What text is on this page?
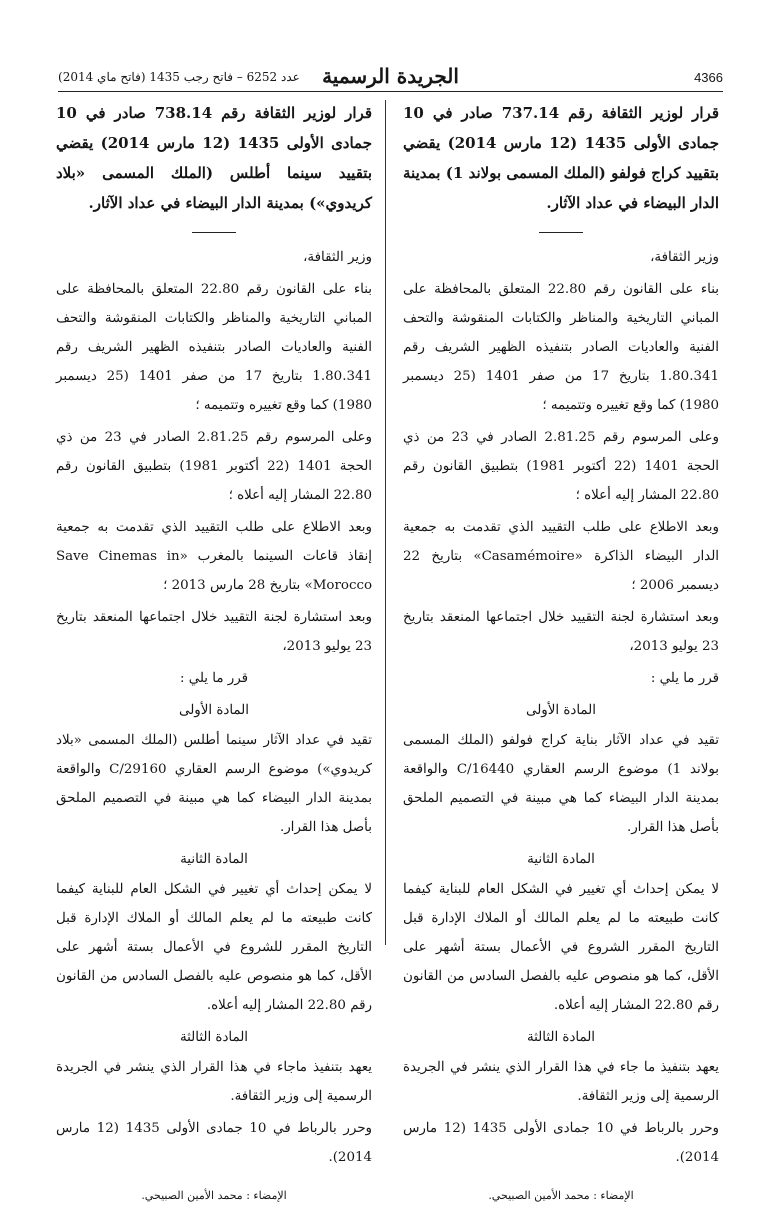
4366
الجريدة الرسمية
عدد 6252 – فاتح رجب 1435 (فاتح ماي 2014)

قرار لوزير الثقافة رقم 737.14 صادر في 10 جمادى الأولى 1435 (12 مارس 2014) يقضي بتقييد كراج فولفو (الملك المسمى بولاند 1) بمدينة الدار البيضاء في عداد الآثار.

وزير الثقافة،

بناء على القانون رقم 22.80 المتعلق بالمحافظة على المباني التاريخية والمناظر والكتابات المنقوشة والتحف الفنية والعاديات الصادر بتنفيذه الظهير الشريف رقم 1.80.341 بتاريخ 17 من صفر 1401 (25 ديسمبر 1980) كما وقع تغييره وتتميمه ؛

وعلى المرسوم رقم 2.81.25 الصادر في 23 من ذي الحجة 1401 (22 أكتوبر 1981) بتطبيق القانون رقم 22.80 المشار إليه أعلاه ؛

وبعد الاطلاع على طلب التقييد الذي تقدمت به جمعية الدار البيضاء الذاكرة «Casamémoire» بتاريخ 22 ديسمبر 2006 ؛

وبعد استشارة لجنة التقييد خلال اجتماعها المنعقد بتاريخ 23 يوليو 2013،

قرر ما يلي :

المادة الأولى

تقيد في عداد الآثار بناية كراج فولفو (الملك المسمى بولاند 1) موضوع الرسم العقاري C/16440 والواقعة بمدينة الدار البيضاء كما هي مبينة في التصميم الملحق بأصل هذا القرار.

المادة الثانية

لا يمكن إحداث أي تغيير في الشكل العام للبناية كيفما كانت طبيعته ما لم يعلم المالك أو الملاك الإدارة قبل التاريخ المقرر الشروع في الأعمال بستة أشهر على الأقل، كما هو منصوص عليه بالفصل السادس من القانون رقم 22.80 المشار إليه أعلاه.

المادة الثالثة

يعهد بتنفيذ ما جاء في هذا القرار الذي ينشر في الجريدة الرسمية إلى وزير الثقافة.

وحرر بالرباط في 10 جمادى الأولى 1435 (12 مارس 2014).

الإمضاء : محمد الأمين الصبيحي.

قرار لوزير الثقافة رقم 738.14 صادر في 10 جمادى الأولى 1435 (12 مارس 2014) يقضي بتقييد سينما أطلس (الملك المسمى «بلاد كريدوي») بمدينة الدار البيضاء في عداد الآثار.

وزير الثقافة،

بناء على القانون رقم 22.80 المتعلق بالمحافظة على المباني التاريخية والمناظر والكتابات المنقوشة والتحف الفنية والعاديات الصادر بتنفيذه الظهير الشريف رقم 1.80.341 بتاريخ 17 من صفر 1401 (25 ديسمبر 1980) كما وقع تغييره وتتميمه ؛

وعلى المرسوم رقم 2.81.25 الصادر في 23 من ذي الحجة 1401 (22 أكتوبر 1981) بتطبيق القانون رقم 22.80 المشار إليه أعلاه ؛

وبعد الاطلاع على طلب التقييد الذي تقدمت به جمعية إنقاذ قاعات السينما بالمغرب «Save Cinemas in Morocco» بتاريخ 28 مارس 2013 ؛

وبعد استشارة لجنة التقييد خلال اجتماعها المنعقد بتاريخ 23 يوليو 2013،

قرر ما يلي :

المادة الأولى

تقيد في عداد الآثار سينما أطلس (الملك المسمى «بلاد كريدوي») موضوع الرسم العقاري C/29160 والواقعة بمدينة الدار البيضاء كما هي مبينة في التصميم الملحق بأصل هذا القرار.

المادة الثانية

لا يمكن إحداث أي تغيير في الشكل العام للبناية كيفما كانت طبيعته ما لم يعلم المالك أو الملاك الإدارة قبل التاريخ المقرر للشروع في الأعمال بستة أشهر على الأقل، كما هو منصوص عليه بالفصل السادس من القانون رقم 22.80 المشار إليه أعلاه.

المادة الثالثة

يعهد بتنفيذ ماجاء في هذا القرار الذي ينشر في الجريدة الرسمية إلى وزير الثقافة.

وحرر بالرباط في 10 جمادى الأولى 1435 (12 مارس 2014).

الإمضاء : محمد الأمين الصبيحي.
